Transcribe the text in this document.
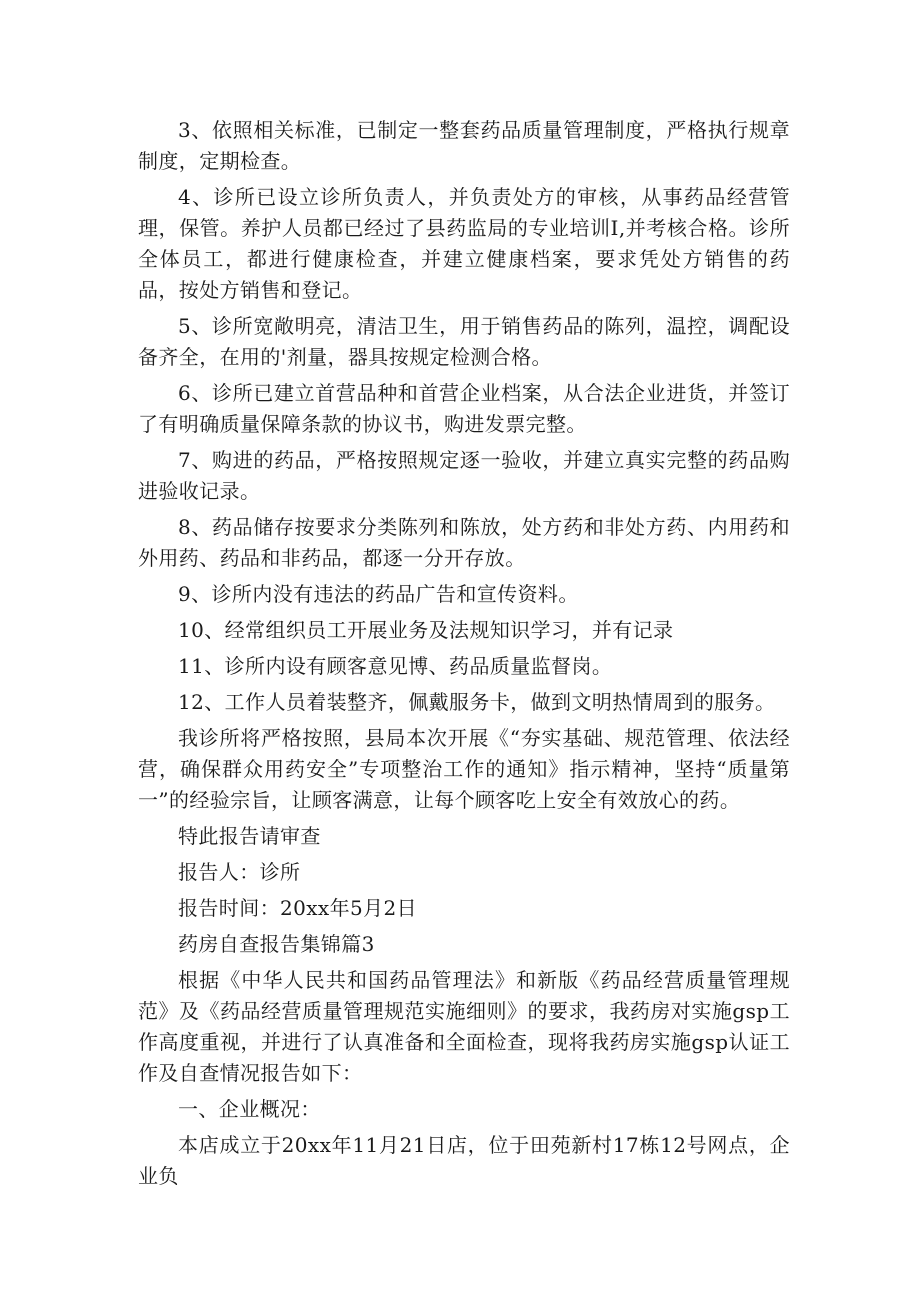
3、依照相关标准，已制定一整套药品质量管理制度，严格执行规章制度，定期检查。

4、诊所已设立诊所负责人，并负责处方的审核，从事药品经营管理，保管。养护人员都已经过了县药监局的专业培训I,并考核合格。诊所全体员工，都进行健康检查，并建立健康档案，要求凭处方销售的药品，按处方销售和登记。

5、诊所宽敞明亮，清洁卫生，用于销售药品的陈列，温控，调配设备齐全，在用的'剂量，器具按规定检测合格。

6、诊所已建立首营品种和首营企业档案，从合法企业进货，并签订了有明确质量保障条款的协议书，购进发票完整。

7、购进的药品，严格按照规定逐一验收，并建立真实完整的药品购进验收记录。

8、药品储存按要求分类陈列和陈放，处方药和非处方药、内用药和外用药、药品和非药品，都逐一分开存放。

9、诊所内没有违法的药品广告和宣传资料。

10、经常组织员工开展业务及法规知识学习，并有记录

11、诊所内设有顾客意见博、药品质量监督岗。

12、工作人员着装整齐，佩戴服务卡，做到文明热情周到的服务。

我诊所将严格按照，县局本次开展《“夯实基础、规范管理、依法经营，确保群众用药安全”专项整治工作的通知》指示精神，坚持“质量第一”的经验宗旨，让顾客满意，让每个顾客吃上安全有效放心的药。

特此报告请审查

报告人：诊所

报告时间：20xx年5月2日

药房自查报告集锦篇3

根据《中华人民共和国药品管理法》和新版《药品经营质量管理规范》及《药品经营质量管理规范实施细则》的要求，我药房对实施gsp工作高度重视，并进行了认真准备和全面检查，现将我药房实施gsp认证工作及自查情况报告如下：

一、企业概况：

本店成立于20xx年11月21日店，位于田苑新村17栋12号网点，企业负
